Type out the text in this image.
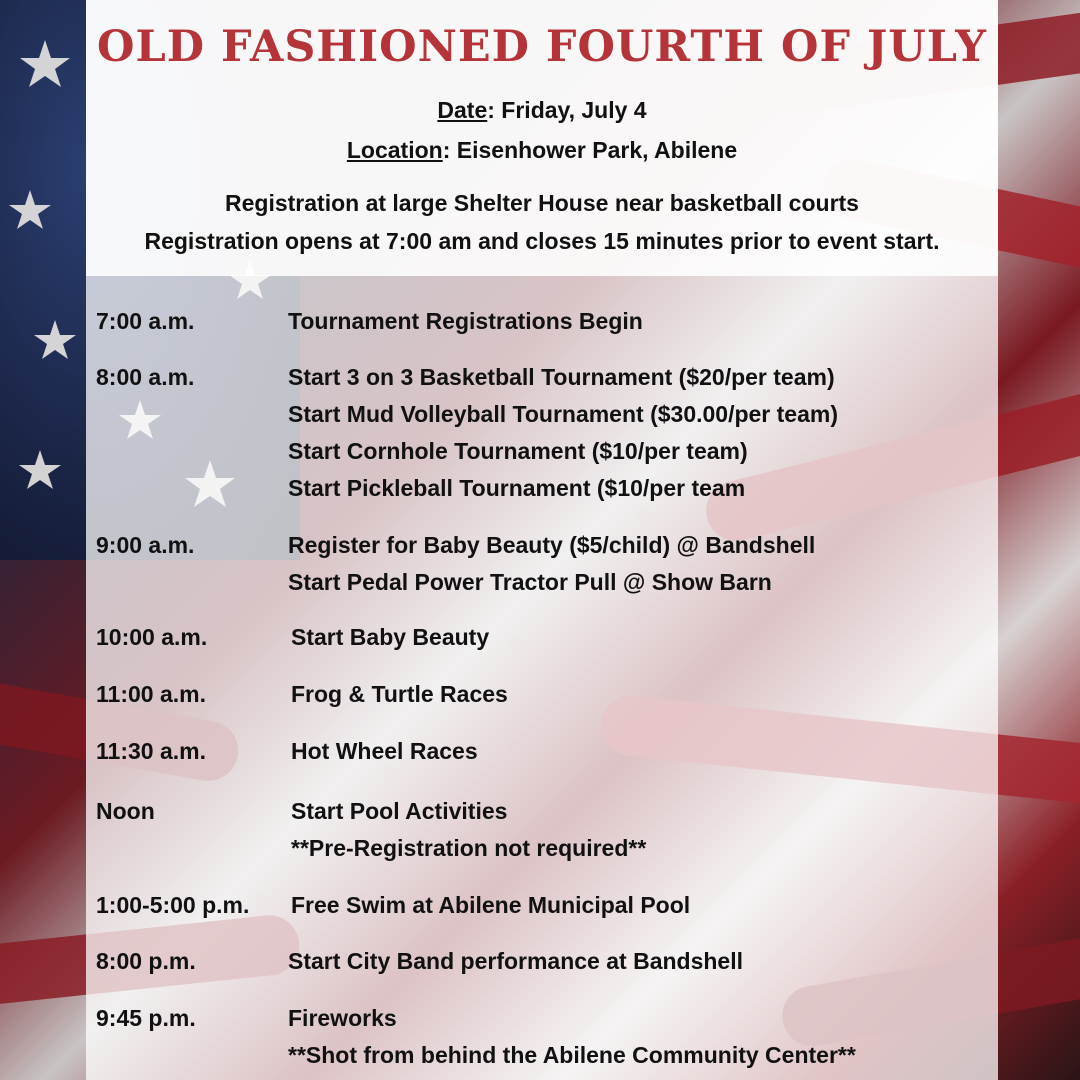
OLD FASHIONED FOURTH OF JULY
Date: Friday, July 4
Location: Eisenhower Park, Abilene
Registration at large Shelter House near basketball courts
Registration opens at 7:00 am and closes 15 minutes prior to event start.
7:00 a.m.	Tournament Registrations Begin
8:00 a.m.	Start 3 on 3 Basketball Tournament ($20/per team)
Start Mud Volleyball Tournament ($30.00/per team)
Start Cornhole Tournament ($10/per team)
Start Pickleball Tournament ($10/per team
9:00 a.m.	Register for Baby Beauty ($5/child) @ Bandshell
Start Pedal Power Tractor Pull @ Show Barn
10:00 a.m.	Start Baby Beauty
11:00 a.m.	Frog & Turtle Races
11:30 a.m.	Hot Wheel Races
Noon	Start Pool Activities
**Pre-Registration not required**
1:00-5:00 p.m. Free Swim at Abilene Municipal Pool
8:00 p.m.	Start City Band performance at Bandshell
9:45 p.m.	Fireworks
**Shot from behind the Abilene Community Center**
